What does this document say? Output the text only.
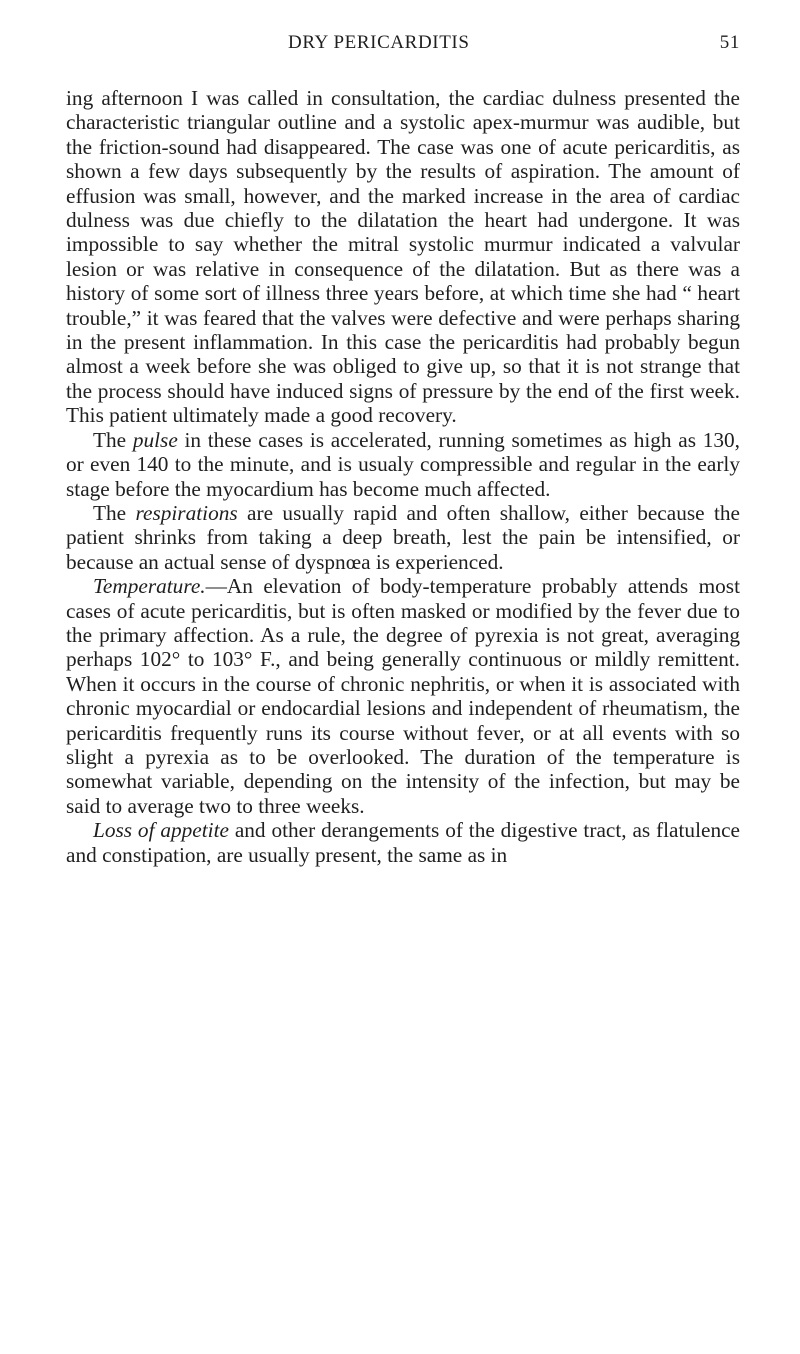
DRY PERICARDITIS	51

ing afternoon I was called in consultation, the cardiac dulness presented the characteristic triangular outline and a systolic apex-murmur was audible, but the friction-sound had disappeared. The case was one of acute pericarditis, as shown a few days subsequently by the results of aspiration. The amount of effusion was small, however, and the marked increase in the area of cardiac dulness was due chiefly to the dilatation the heart had undergone. It was impossible to say whether the mitral systolic murmur indicated a valvular lesion or was relative in consequence of the dilatation. But as there was a history of some sort of illness three years before, at which time she had “ heart trouble,” it was feared that the valves were defective and were perhaps sharing in the present inflammation. In this case the pericarditis had probably begun almost a week before she was obliged to give up, so that it is not strange that the process should have induced signs of pressure by the end of the first week. This patient ultimately made a good recovery.

The pulse in these cases is accelerated, running sometimes as high as 130, or even 140 to the minute, and is usualy compressible and regular in the early stage before the myocardium has become much affected.

The respirations are usually rapid and often shallow, either because the patient shrinks from taking a deep breath, lest the pain be intensified, or because an actual sense of dyspnœa is experienced.

Temperature.—An elevation of body-temperature probably attends most cases of acute pericarditis, but is often masked or modified by the fever due to the primary affection. As a rule, the degree of pyrexia is not great, averaging perhaps 102° to 103° F., and being generally continuous or mildly remittent. When it occurs in the course of chronic nephritis, or when it is associated with chronic myocardial or endocardial lesions and independent of rheumatism, the pericarditis frequently runs its course without fever, or at all events with so slight a pyrexia as to be overlooked. The duration of the temperature is somewhat variable, depending on the intensity of the infection, but may be said to average two to three weeks.

Loss of appetite and other derangements of the digestive tract, as flatulence and constipation, are usually present, the same as in
